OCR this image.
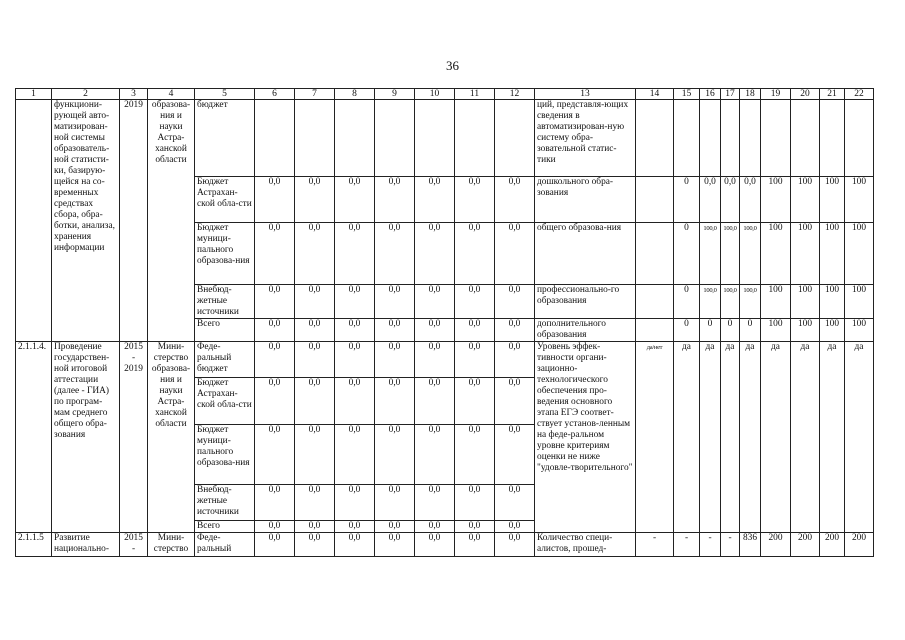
36
1	2	3	4	5	6	7	8	9	10	11	12	13	14	15	16	17	18	19	20	21	22
	функциони-рующей авто-матизирован-ной системы образователь-ной статисти-ки, базирую-щейся на со-временных средствах сбора, обра-ботки, анализа, хранения информации	2019	образова-ния и науки Астра-ханской области	бюджет								ций, представля-ющих сведения в автоматизирован-ную систему обра-зовательной статис-тики									
				Бюджет Астрахан-ской обла-сти	0,0	0,0	0,0	0,0	0,0	0,0	0,0	дошкольного обра-зования		0	0,0	0,0	0,0	100	100	100	100
				Бюджет муници-пального образова-ния	0,0	0,0	0,0	0,0	0,0	0,0	0,0	общего образова-ния		0	100,0	100,0	100,0	100	100	100	100
				Внебюд-жетные источники	0,0	0,0	0,0	0,0	0,0	0,0	0,0	профессионально-го образования		0	100,0	100,0	100,0	100	100	100	100
				Всего	0,0	0,0	0,0	0,0	0,0	0,0	0,0	дополнительного образования		0	0	0	0	100	100	100	100
2.1.1.4.	Проведение государствен-ной итоговой аттестации (далее - ГИА) по програм-мам среднего общего обра-зования	2015 - 2019	Мини-стерство образова-ния и науки Астра-ханской области	Феде-ральный бюджет	0,0	0,0	0,0	0,0	0,0	0,0	0,0	Уровень эффек-тивности органи-зационно-технологического обеспечения про-ведения основного этапа ЕГЭ соответ-ствует установ-ленным на феде-ральном уровне критериям оценки не ниже "удовле-творительного"	да/нет	да	да	да	да	да	да	да	да
				Бюджет Астрахан-ской обла-сти	0,0	0,0	0,0	0,0	0,0	0,0	0,0										
				Бюджет муници-пального образова-ния	0,0	0,0	0,0	0,0	0,0	0,0	0,0										
				Внебюд-жетные источники	0,0	0,0	0,0	0,0	0,0	0,0	0,0										
				Всего	0,0	0,0	0,0	0,0	0,0	0,0	0,0										
2.1.1.5	Развитие национально-	2015 -	Мини-стерство	Феде-ральный	0,0	0,0	0,0	0,0	0,0	0,0	0,0	Количество специ-алистов, прошед-	-	-	-	-	836	200	200	200	200
